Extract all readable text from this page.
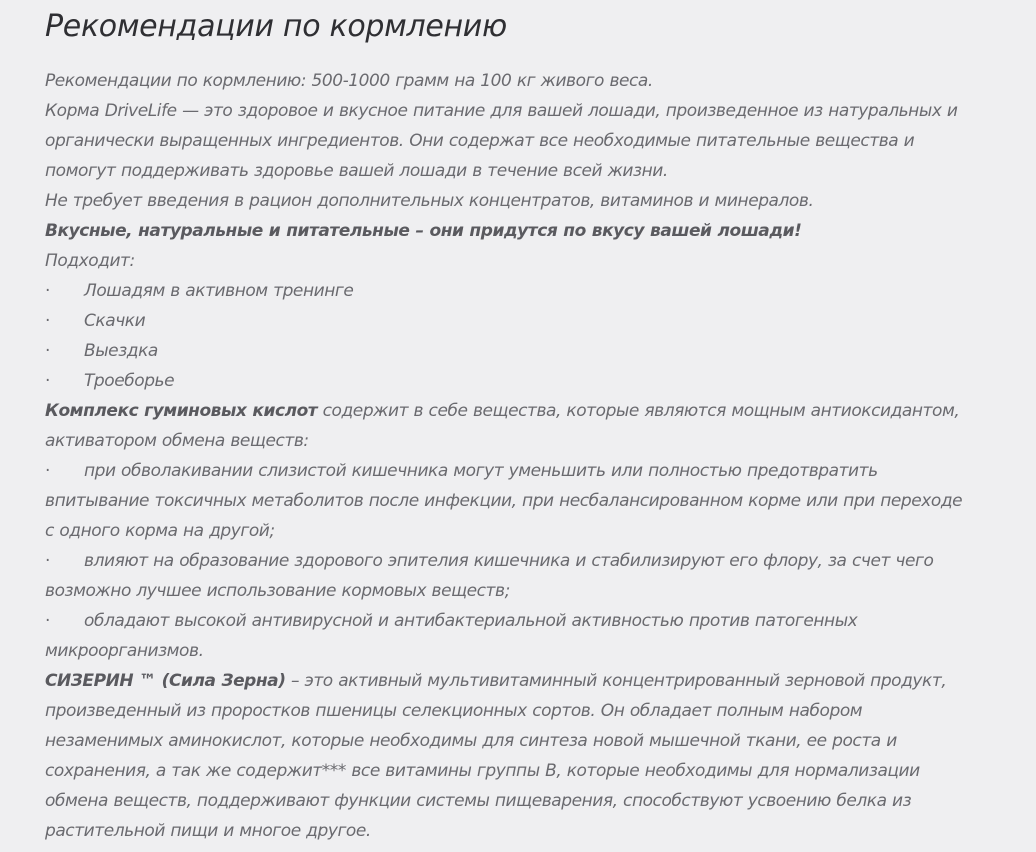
Рекомендации по кормлению

Рекомендации по кормлению: 500-1000 грамм на 100 кг живого веса.

Корма DriveLife — это здоровое и вкусное питание для вашей лошади, произведенное из натуральных и

органически выращенных ингредиентов. Они содержат все необходимые питательные вещества и

помогут поддерживать здоровье вашей лошади в течение всей жизни.

Не требует введения в рацион дополнительных концентратов, витаминов и минералов.

Вкусные, натуральные и питательные – они придутся по вкусу вашей лошади!

Подходит:

· Лошадям в активном тренинге

· Скачки

· Выездка

· Троеборье

Комплекс гуминовых кислот содержит в себе вещества, которые являются мощным антиоксидантом,

активатором обмена веществ:

· при обволакивании слизистой кишечника могут уменьшить или полностью предотвратить

впитывание токсичных метаболитов после инфекции, при несбалансированном корме или при переходе

с одного корма на другой;

· влияют на образование здорового эпителия кишечника и стабилизируют его флору, за счет чего

возможно лучшее использование кормовых веществ;

· обладают высокой антивирусной и антибактериальной активностью против патогенных

микроорганизмов.

СИЗЕРИН ™ (Сила Зерна) – это активный мультивитаминный концентрированный зерновой продукт,

произведенный из проростков пшеницы селекционных сортов. Он обладает полным набором

незаменимых аминокислот, которые необходимы для синтеза новой мышечной ткани, ее роста и

сохранения, а так же содержит*** все витамины группы В, которые необходимы для нормализации

обмена веществ, поддерживают функции системы пищеварения, способствуют усвоению белка из

растительной пищи и многое другое.
